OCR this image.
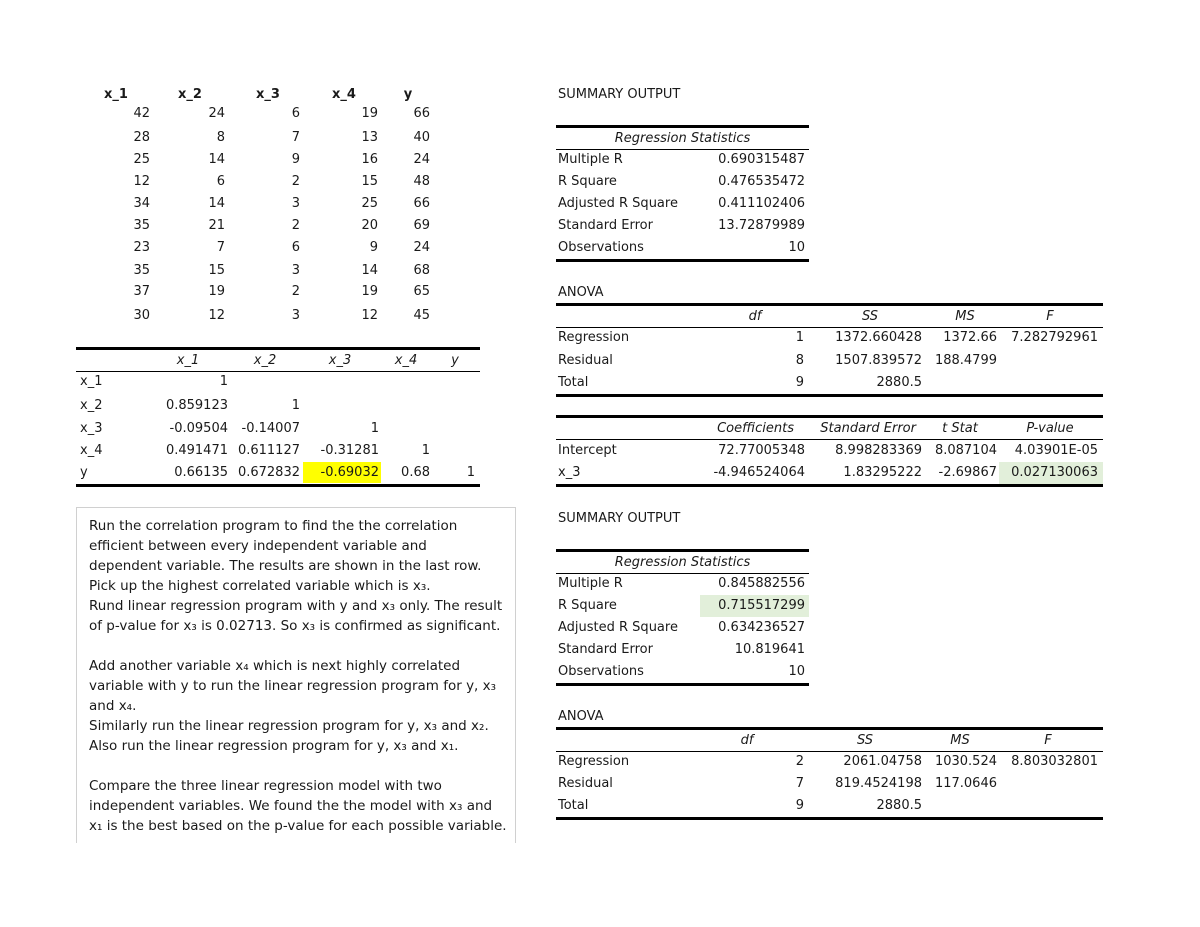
x_1	x_2	x_3	x_4	y
42	24	6	19	66
28	8	7	13	40
25	14	9	16	24
12	6	2	15	48
34	14	3	25	66
35	21	2	20	69
23	7	6	9	24
35	15	3	14	68
37	19	2	19	65
30	12	3	12	45
x_1	x_2	x_3	x_4	y
x_1	1
x_2	0.859123	1
x_3	-0.09504	-0.14007	1
x_4	0.491471 0.611127	-0.31281	1
y	0.66135 0.672832	-0.69032	0.68	1

Run the correlation program to find the the correlation

efficient between every independent variable and

dependent variable. The results are shown in the last row.

Pick up the highest correlated variable which is x₃.

Rund linear regression program with y and x₃ only. The result

of p-value for x₃ is 0.02713. So x₃ is confirmed as significant.

Add another variable x₄ which is next highly correlated

variable with y to run the linear regression program for y, x₃

and x₄.

Similarly run the linear regression program for y, x₃ and x₂.

Also run the linear regression program for y, x₃ and x₁.

Compare the three linear regression model with two

independent variables. We found the the model with x₃ and

x₁ is the best based on the p-value for each possible variable.

SUMMARY OUTPUT
Regression Statistics
Multiple R	0.690315487
R Square	0.476535472
Adjusted R Square	0.411102406
Standard Error	13.72879989
Observations	10
ANOVA
df	SS	MS	F
Regression	1	1372.660428	1372.66	7.282792961
Residual	8	1507.839572 188.4799
Total	9	2880.5
Coefficients	Standard Error	t Stat	P-value
Intercept	72.77005348	8.998283369 8.087104	4.03901E-05
x_3	-4.946524064	1.83295222	-2.69867	0.027130063
SUMMARY OUTPUT
Regression Statistics
Multiple R	0.845882556
R Square	0.715517299
Adjusted R Square	0.634236527
Standard Error	10.819641
Observations	10
ANOVA
df	SS	MS	F
Regression	2	2061.04758 1030.524	8.803032801
Residual	7	819.4524198 117.0646
Total	9	2880.5
